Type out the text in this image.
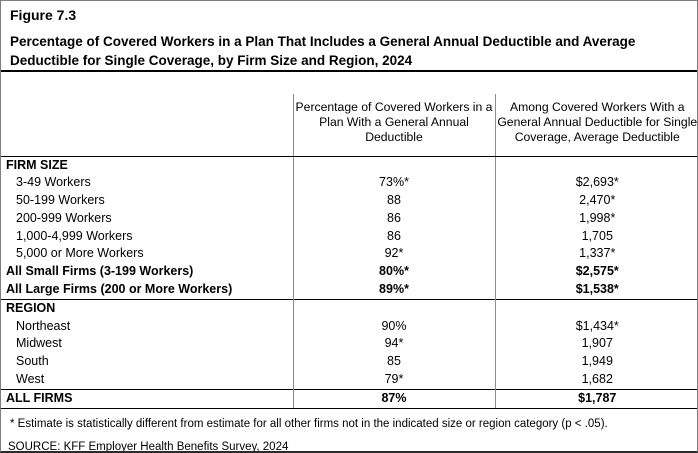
Figure 7.3
Percentage of Covered Workers in a Plan That Includes a General Annual Deductible and Average Deductible for Single Coverage, by Firm Size and Region, 2024
	Percentage of Covered Workers in a Plan With a General Annual Deductible	Among Covered Workers With a General Annual Deductible for Single Coverage, Average Deductible
FIRM SIZE		
3-49 Workers	73%*	$2,693*
50-199 Workers	88	2,470*
200-999 Workers	86	1,998*
1,000-4,999 Workers	86	1,705
5,000 or More Workers	92*	1,337*
All Small Firms (3-199 Workers)	80%*	$2,575*
All Large Firms (200 or More Workers)	89%*	$1,538*
REGION		
Northeast	90%	$1,434*
Midwest	94*	1,907
South	85	1,949
West	79*	1,682
ALL FIRMS	87%	$1,787
* Estimate is statistically different from estimate for all other firms not in the indicated size or region category (p < .05).
SOURCE: KFF Employer Health Benefits Survey, 2024
